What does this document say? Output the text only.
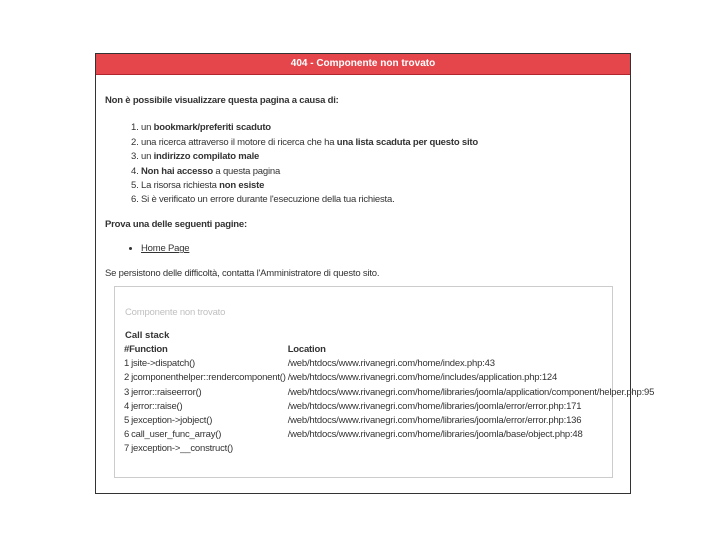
404 - Componente non trovato

Non è possibile visualizzare questa pagina a causa di:

1. un bookmark/preferiti scaduto
2. una ricerca attraverso il motore di ricerca che ha una lista scaduta per questo sito
3. un indirizzo compilato male
4. Non hai accesso a questa pagina
5. La risorsa richiesta non esiste
6. Si è verificato un errore durante l'esecuzione della tua richiesta.

Prova una delle seguenti pagine:

• Home Page

Se persistono delle difficoltà, contatta l'Amministratore di questo sito.

Componente non trovato
Call stack
#Function		Location
1	jsite->dispatch()	/web/htdocs/www.rivanegri.com/home/index.php:43
2	jcomponenthelper::rendercomponent()	/web/htdocs/www.rivanegri.com/home/includes/application.php:124
3	jerror::raiseerror()	/web/htdocs/www.rivanegri.com/home/libraries/joomla/application/component/helper.php:95
4	jerror::raise()	/web/htdocs/www.rivanegri.com/home/libraries/joomla/error/error.php:171
5	jexception->jobject()	/web/htdocs/www.rivanegri.com/home/libraries/joomla/error/error.php:136
6	call_user_func_array()	/web/htdocs/www.rivanegri.com/home/libraries/joomla/base/object.php:48
7	jexception->__construct()	
